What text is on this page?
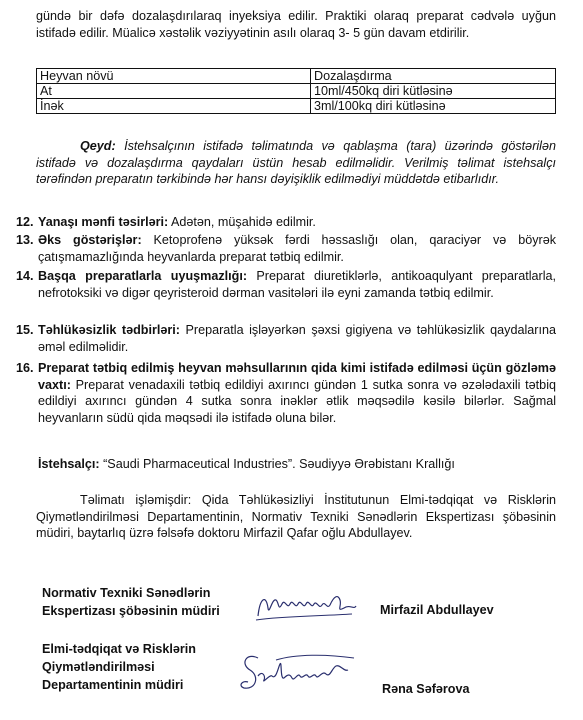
gündə bir dəfə dozalaşdırılaraq inyeksiya edilir. Praktiki olaraq preparat cədvələ uyğun istifadə edilir. Müalicə xəstəlik vəziyyətinin asılı olaraq 3- 5 gün davam etdirilir.

Heyvan növü	Dozalaşdırma
At	10ml/450kq diri kütləsinə
İnək	3ml/100kq diri kütləsinə

Qeyd: İstehsalçının istifadə təlimatında və qablaşma (tara) üzərində göstərilən istifadə və dozalaşdırma qaydaları üstün hesab edilməlidir. Verilmiş təlimat istehsalçı tərəfindən preparatın tərkibində hər hansı dəyişiklik edilmədiyi müddətdə etibarlıdır.

12. Yanaşı mənfi təsirləri: Adətən, müşahidə edilmir.

13. Əks göstərişlər: Ketoprofenə yüksək fərdi həssaslığı olan, qaraciyər və böyrək çatışmamazlığında heyvanlarda preparat tətbiq edilmir.

14. Başqa preparatlarla uyuşmazlığı: Preparat diuretiklərlə, antikoaqulyant preparatlarla, nefrotoksiki və digər qeyristeroid dərman vasitələri ilə eyni zamanda tətbiq edilmir.

15. Təhlükəsizlik tədbirləri: Preparatla işləyərkən şəxsi gigiyena və təhlükəsizlik qaydalarına əməl edilməlidir.

16. Preparat tətbiq edilmiş heyvan məhsullarının qida kimi istifadə edilməsi üçün gözləmə vaxtı: Preparat venadaxili tətbiq edildiyi axırıncı gündən 1 sutka sonra və əzələdaxili tətbiq edildiyi axırıncı gündən 4 sutka sonra inəklər ətlik məqsədilə kəsilə bilərlər. Sağmal heyvanların südü qida məqsədi ilə istifadə oluna bilər.

İstehsalçı: “Saudi Pharmaceutical Industries”. Səudiyyə Ərəbistanı Krallığı

Təlimatı işləmişdir: Qida Təhlükəsizliyi İnstitutunun Elmi-tədqiqat və Risklərin Qiymətləndirilməsi Departamentinin, Normativ Texniki Sənədlərin Ekspertizası şöbəsinin müdiri, baytarlıq üzrə fəlsəfə doktoru Mirfazil Qafar oğlu Abdullayev.

Normativ Texniki Sənədlərin
Ekspertizası şöbəsinin müdiri	Mirfazil Abdullayev
Elmi-tədqiqat və Risklərin
Qiymətləndirilməsi
Departamentinin müdiri	Rəna Səfərova
